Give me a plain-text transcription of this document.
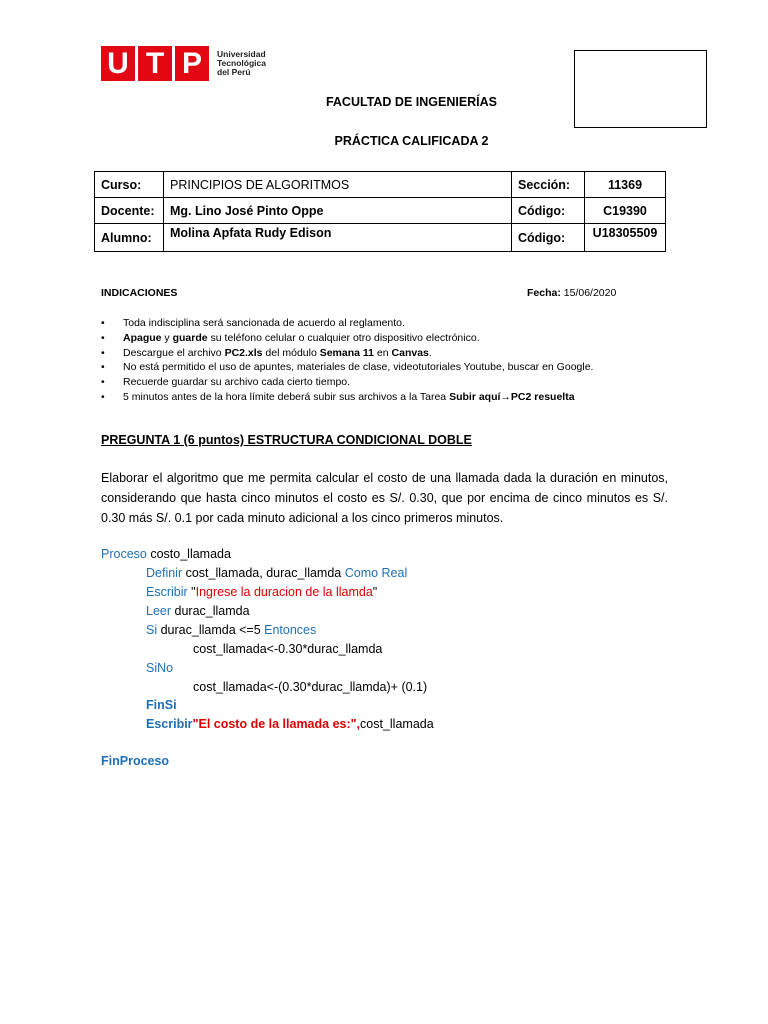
U T P	Universidad
Tecnológica
del Perú
FACULTAD DE INGENIERÍAS
PRÁCTICA CALIFICADA 2
Curso:	PRINCIPIOS DE ALGORITMOS	Sección:	11369
Docente:	Mg. Lino José Pinto Oppe	Código:	C19390
Alumno:	Molina Apfata Rudy Edison	Código:	U18305509
INDICACIONES	Fecha: 15/06/2020
• Toda indisciplina será sancionada de acuerdo al reglamento.
• Apague y guarde su teléfono celular o cualquier otro dispositivo electrónico.
• Descargue el archivo PC2.xls del módulo Semana 11 en Canvas.
• No está permitido el uso de apuntes, materiales de clase, videotutoriales Youtube, buscar en Google.
• Recuerde guardar su archivo cada cierto tiempo.
• 5 minutos antes de la hora límite deberá subir sus archivos a la Tarea Subir aquí→PC2 resuelta
PREGUNTA 1 (6 puntos) ESTRUCTURA CONDICIONAL DOBLE
Elaborar el algoritmo que me permita calcular el costo de una llamada dada la duración en minutos, considerando que hasta cinco minutos el costo es S/. 0.30, que por encima de cinco minutos es S/. 0.30 más S/. 0.1 por cada minuto adicional a los cinco primeros minutos.
Proceso costo_llamada
Definir cost_llamada, durac_llamda Como Real
Escribir "Ingrese la duracion de la llamda"
Leer durac_llamda
Si durac_llamda <=5 Entonces
cost_llamada<-0.30*durac_llamda
SiNo
cost_llamada<-(0.30*durac_llamda)+ (0.1)
FinSi
Escribir"El costo de la llamada es:",cost_llamada
FinProceso
